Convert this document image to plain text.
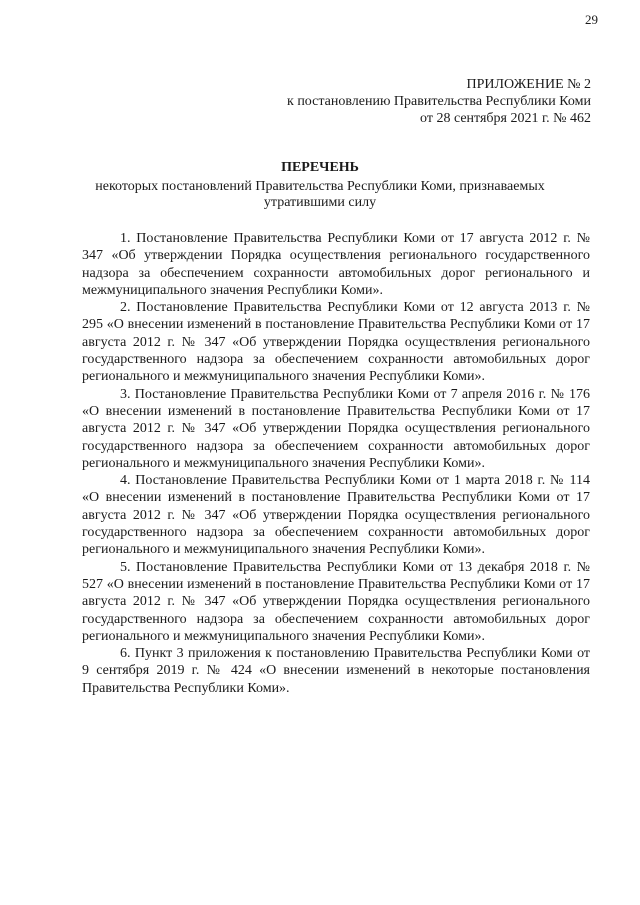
29
ПРИЛОЖЕНИЕ № 2
к постановлению Правительства Республики Коми
от 28 сентября 2021 г. № 462
ПЕРЕЧЕНЬ
некоторых постановлений Правительства Республики Коми, признаваемых
утратившими силу

1. Постановление Правительства Республики Коми от 17 августа 2012 г. № 347 «Об утверждении Порядка осуществления регионального государственного надзора за обеспечением сохранности автомобильных дорог регионального и межмуниципального значения Республики Коми».

2. Постановление Правительства Республики Коми от 12 августа 2013 г. № 295 «О внесении изменений в постановление Правительства Республики Коми от 17 августа 2012 г. № 347 «Об утверждении Порядка осуществления регионального государственного надзора за обеспечением сохранности автомобильных дорог регионального и межмуниципального значения Республики Коми».

3. Постановление Правительства Республики Коми от 7 апреля 2016 г. № 176 «О внесении изменений в постановление Правительства Республики Коми от 17 августа 2012 г. № 347 «Об утверждении Порядка осуществления регионального государственного надзора за обеспечением сохранности автомобильных дорог регионального и межмуниципального значения Республики Коми».

4. Постановление Правительства Республики Коми от 1 марта 2018 г. № 114 «О внесении изменений в постановление Правительства Республики Коми от 17 августа 2012 г. № 347 «Об утверждении Порядка осуществления регионального государственного надзора за обеспечением сохранности автомобильных дорог регионального и межмуниципального значения Республики Коми».

5. Постановление Правительства Республики Коми от 13 декабря 2018 г. № 527 «О внесении изменений в постановление Правительства Республики Коми от 17 августа 2012 г. № 347 «Об утверждении Порядка осуществления регионального государственного надзора за обеспечением сохранности автомобильных дорог регионального и межмуниципального значения Республики Коми».

6. Пункт 3 приложения к постановлению Правительства Республики Коми от 9 сентября 2019 г. № 424 «О внесении изменений в некоторые постановления Правительства Республики Коми».
